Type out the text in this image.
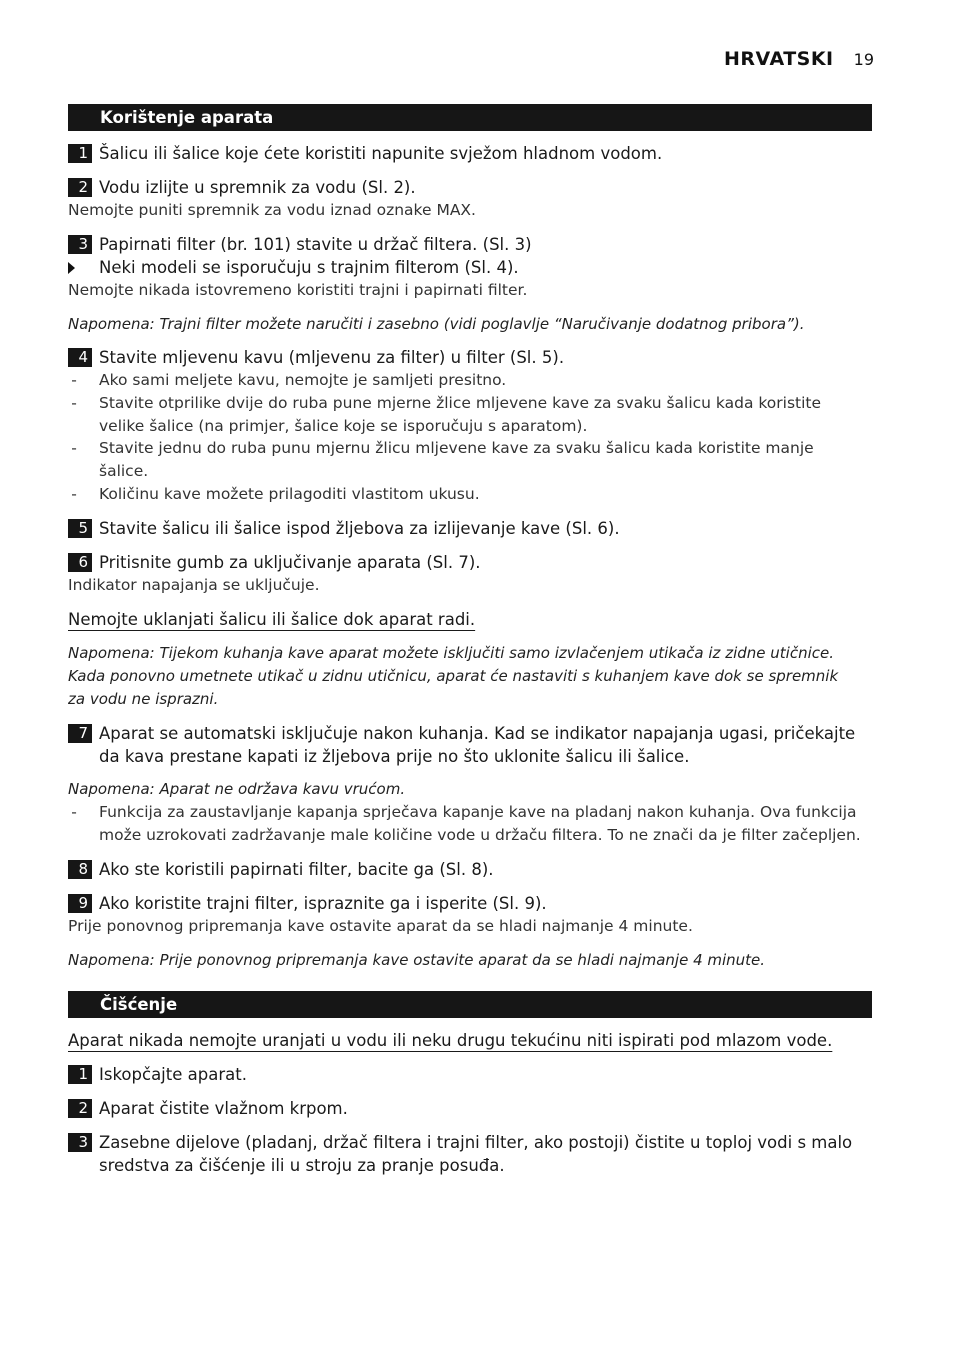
HRVATSKI 19
Korištenje aparata
1 Šalicu ili šalice koje ćete koristiti napunite svježom hladnom vodom.
2 Vodu izlijte u spremnik za vodu (Sl. 2).
Nemojte puniti spremnik za vodu iznad oznake MAX.
3 Papirnati filter (br. 101) stavite u držač filtera. (Sl. 3)
Neki modeli se isporučuju s trajnim filterom (Sl. 4).
Nemojte nikada istovremeno koristiti trajni i papirnati filter.
Napomena: Trajni filter možete naručiti i zasebno (vidi poglavlje “Naručivanje dodatnog pribora”).
4 Stavite mljevenu kavu (mljevenu za filter) u filter (Sl. 5).
- Ako sami meljete kavu, nemojte je samljeti presitno.
- Stavite otprilike dvije do ruba pune mjerne žlice mljevene kave za svaku šalicu kada koristite
velike šalice (na primjer, šalice koje se isporučuju s aparatom).
- Stavite jednu do ruba punu mjernu žlicu mljevene kave za svaku šalicu kada koristite manje
šalice.
- Količinu kave možete prilagoditi vlastitom ukusu.
5 Stavite šalicu ili šalice ispod žljebova za izlijevanje kave (Sl. 6).
6 Pritisnite gumb za uključivanje aparata (Sl. 7).
Indikator napajanja se uključuje.
Nemojte uklanjati šalicu ili šalice dok aparat radi.
Napomena: Tijekom kuhanja kave aparat možete isključiti samo izvlačenjem utikača iz zidne utičnice.
Kada ponovno umetnete utikač u zidnu utičnicu, aparat će nastaviti s kuhanjem kave dok se spremnik
za vodu ne isprazni.
7 Aparat se automatski isključuje nakon kuhanja. Kad se indikator napajanja ugasi, pričekajte
da kava prestane kapati iz žljebova prije no što uklonite šalicu ili šalice.
Napomena: Aparat ne održava kavu vrućom.
- Funkcija za zaustavljanje kapanja sprječava kapanje kave na pladanj nakon kuhanja. Ova funkcija
može uzrokovati zadržavanje male količine vode u držaču filtera. To ne znači da je filter začepljen.
8 Ako ste koristili papirnati filter, bacite ga (Sl. 8).
9 Ako koristite trajni filter, ispraznite ga i isperite (Sl. 9).
Prije ponovnog pripremanja kave ostavite aparat da se hladi najmanje 4 minute.
Napomena: Prije ponovnog pripremanja kave ostavite aparat da se hladi najmanje 4 minute.
Čišćenje
Aparat nikada nemojte uranjati u vodu ili neku drugu tekućinu niti ispirati pod mlazom vode.
1 Iskopčajte aparat.
2 Aparat čistite vlažnom krpom.
3 Zasebne dijelove (pladanj, držač filtera i trajni filter, ako postoji) čistite u toploj vodi s malo
sredstva za čišćenje ili u stroju za pranje posuđa.
